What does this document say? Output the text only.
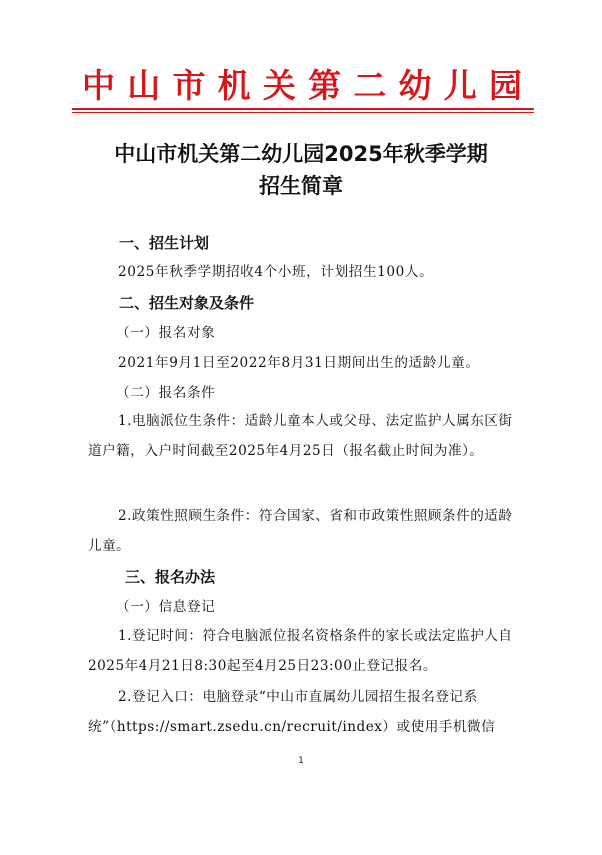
中 山 市 机 关 第 二 幼 儿 园
中山市机关第二幼儿园2025年秋季学期
招生简章
一、招生计划
2025年秋季学期招收4个小班，计划招生100人。
二、招生对象及条件
（一）报名对象
2021年9月1日至2022年8月31日期间出生的适龄儿童。
（二）报名条件
1.电脑派位生条件：适龄儿童本人或父母、法定监护人属东区街道户籍，入户时间截至2025年4月25日（报名截止时间为准）。
2.政策性照顾生条件：符合国家、省和市政策性照顾条件的适龄儿童。
三、报名办法
（一）信息登记
1.登记时间：符合电脑派位报名资格条件的家长或法定监护人自2025年4月21日8:30起至4月25日23:00止登记报名。
2.登记入口：电脑登录“中山市直属幼儿园招生报名登记系统”（https://smart.zsedu.cn/recruit/index）或使用手机微信
1
